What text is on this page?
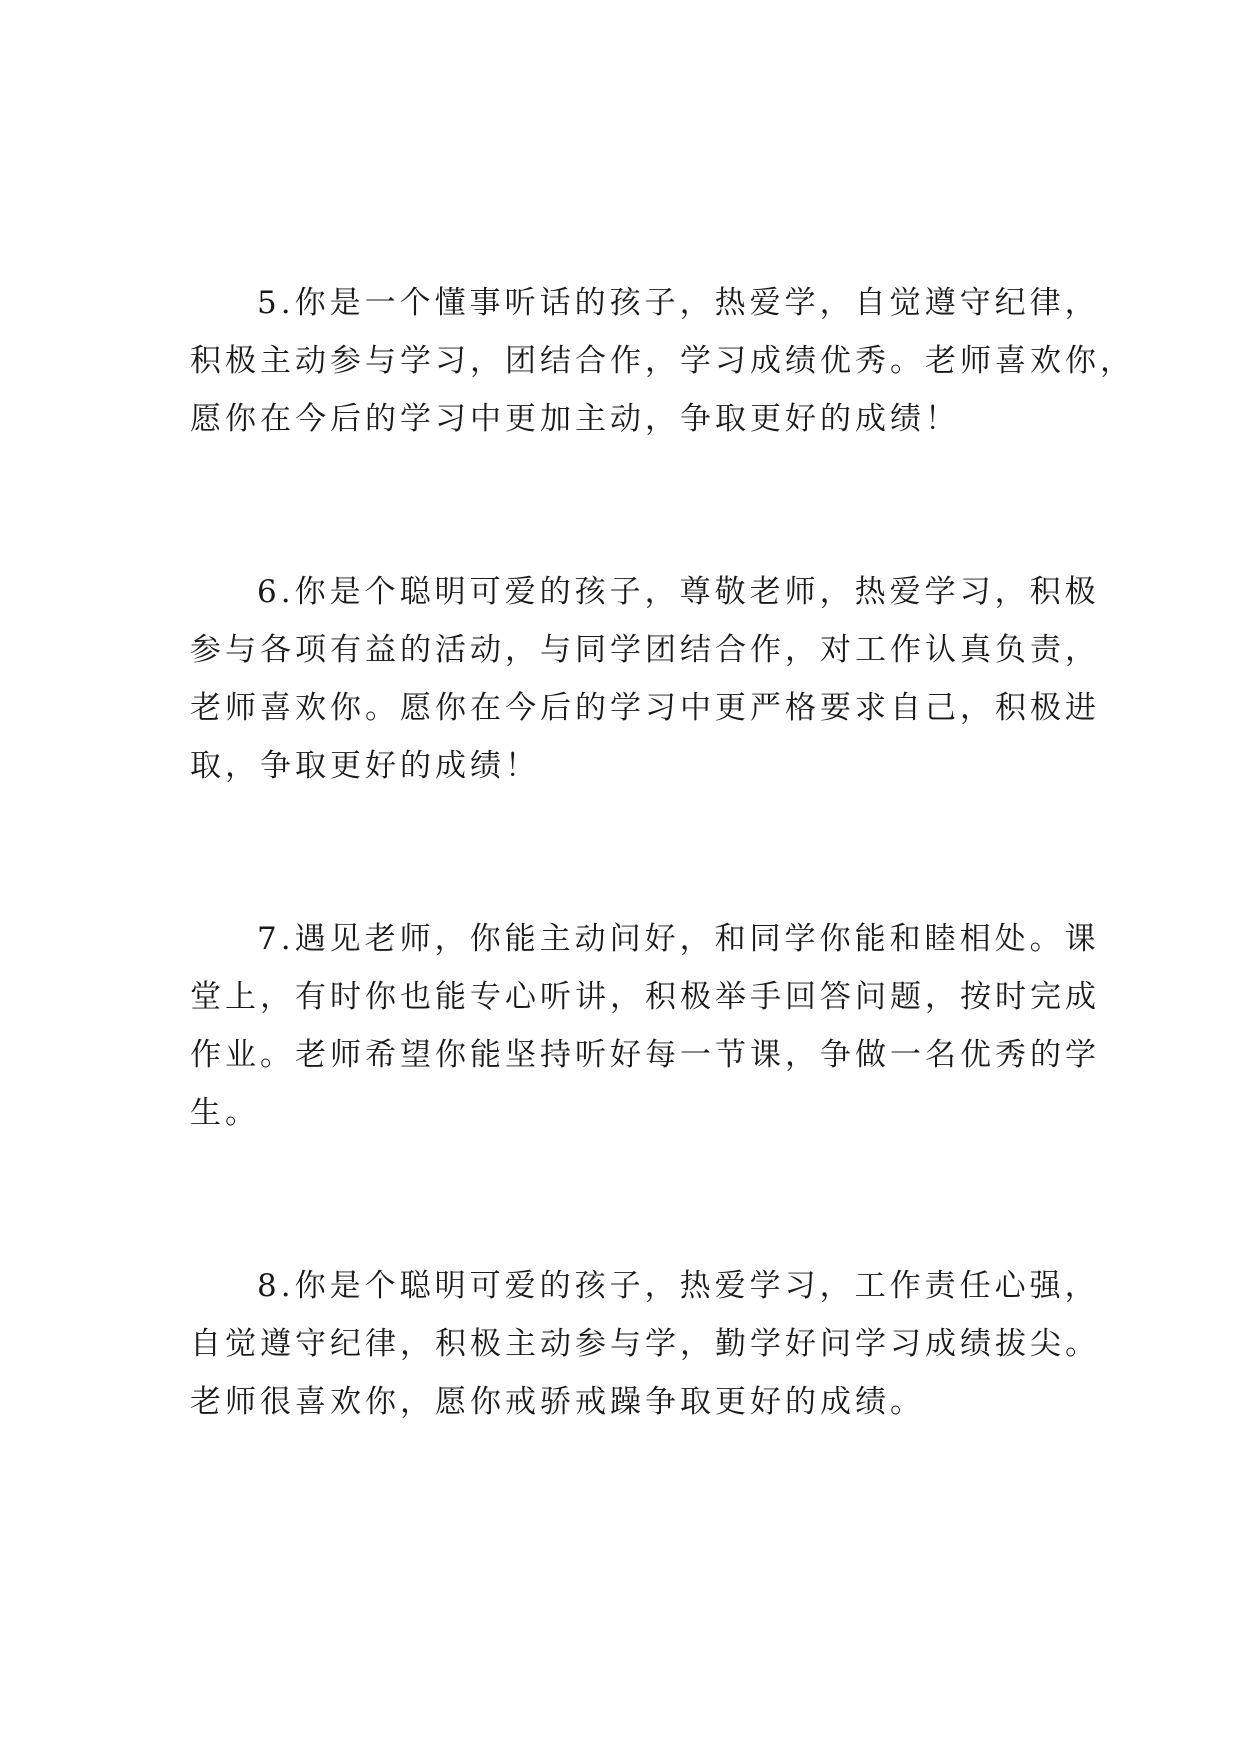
5.你是一个懂事听话的孩子，热爱学，自觉遵守纪律，
积极主动参与学习，团结合作，学习成绩优秀。老师喜欢你，
愿你在今后的学习中更加主动，争取更好的成绩！

6.你是个聪明可爱的孩子，尊敬老师，热爱学习，积极
参与各项有益的活动，与同学团结合作，对工作认真负责，
老师喜欢你。愿你在今后的学习中更严格要求自己，积极进
取，争取更好的成绩！

7.遇见老师，你能主动问好，和同学你能和睦相处。课
堂上，有时你也能专心听讲，积极举手回答问题，按时完成
作业。老师希望你能坚持听好每一节课，争做一名优秀的学
生。

8.你是个聪明可爱的孩子，热爱学习，工作责任心强，
自觉遵守纪律，积极主动参与学，勤学好问学习成绩拔尖。
老师很喜欢你，愿你戒骄戒躁争取更好的成绩。
